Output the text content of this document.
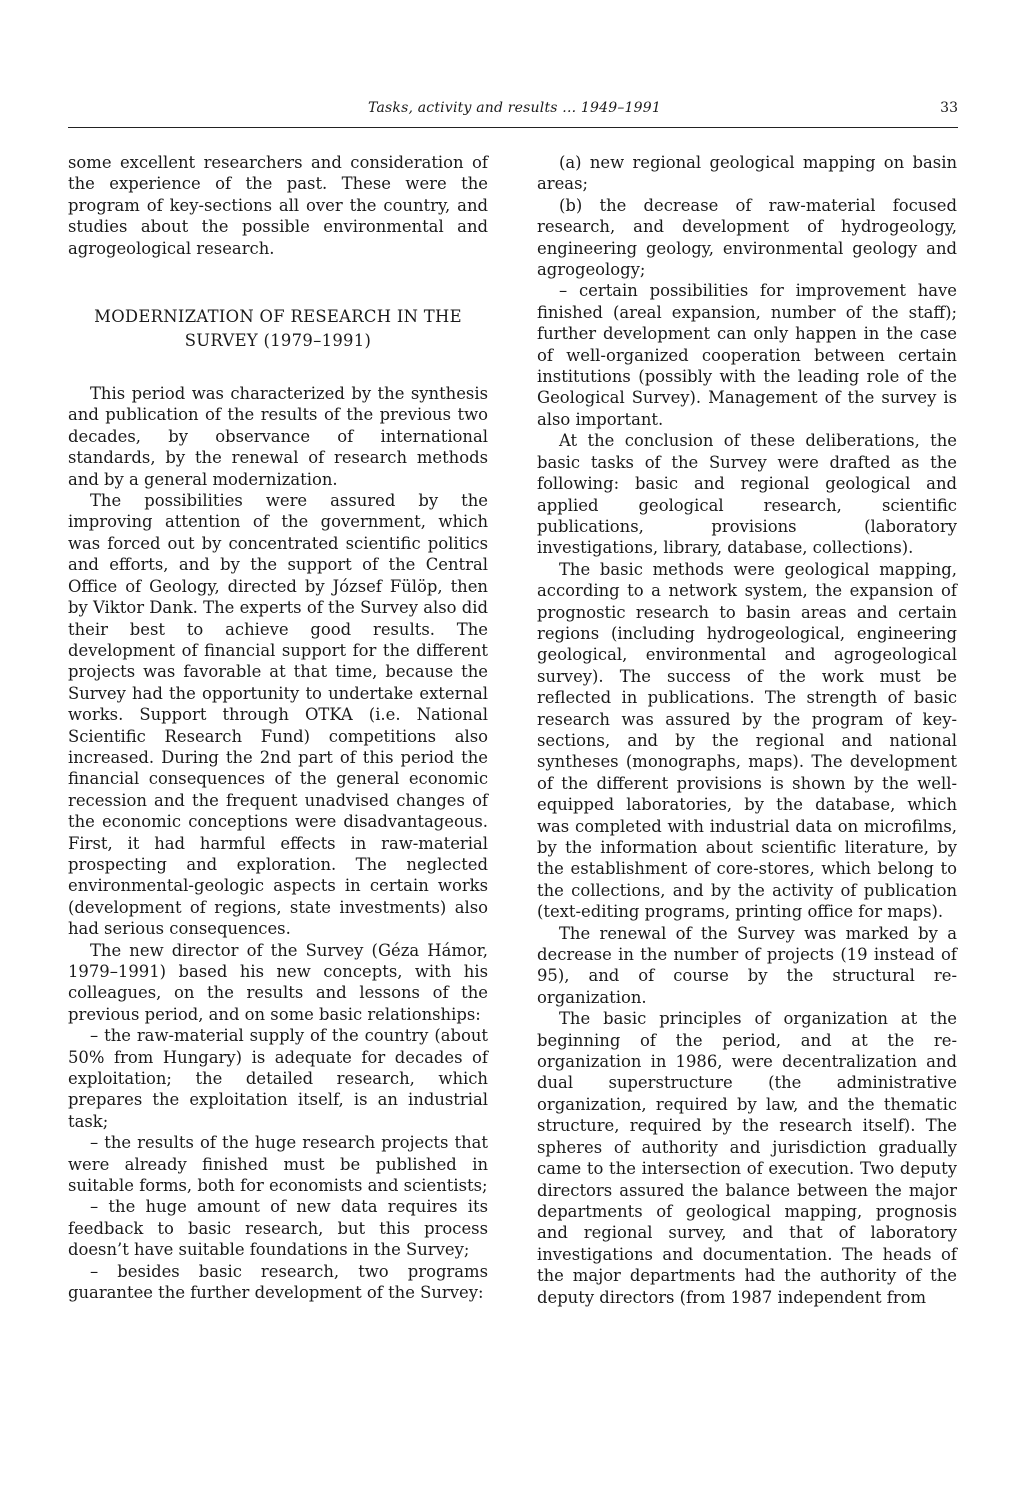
Tasks, activity and results ... 1949–1991	33

some excellent researchers and consideration of the experience of the past. These were the program of key-sections all over the country, and studies about the possible environmental and agrogeological research.

MODERNIZATION OF RESEARCH IN THE
SURVEY (1979–1991)

This period was characterized by the synthesis and publication of the results of the previous two decades, by observance of international standards, by the renewal of research methods and by a general modernization.

The possibilities were assured by the improving attention of the government, which was forced out by concentrated scientific politics and efforts, and by the support of the Central Office of Geology, directed by József Fülöp, then by Viktor Dank. The experts of the Survey also did their best to achieve good results. The development of financial support for the different projects was favorable at that time, because the Survey had the opportunity to undertake external works. Support through OTKA (i.e. National Scientific Research Fund) competitions also increased. During the 2nd part of this period the financial consequences of the general economic recession and the frequent unadvised changes of the economic conceptions were disadvantageous. First, it had harmful effects in raw-material prospecting and exploration. The neglected environmental-geologic aspects in certain works (development of regions, state investments) also had serious consequences.

The new director of the Survey (Géza Hámor, 1979–1991) based his new concepts, with his colleagues, on the results and lessons of the previous period, and on some basic relationships:

– the raw-material supply of the country (about 50% from Hungary) is adequate for decades of exploitation; the detailed research, which prepares the exploitation itself, is an industrial task;

– the results of the huge research projects that were already finished must be published in suitable forms, both for economists and scientists;

– the huge amount of new data requires its feedback to basic research, but this process doesn’t have suitable foundations in the Survey;

– besides basic research, two programs guarantee the further development of the Survey:

(a) new regional geological mapping on basin areas;

(b) the decrease of raw-material focused research, and development of hydrogeology, engineering geology, environmental geology and agrogeology;

– certain possibilities for improvement have finished (areal expansion, number of the staff); further development can only happen in the case of well-organized cooperation between certain institutions (possibly with the leading role of the Geological Survey). Management of the survey is also important.

At the conclusion of these deliberations, the basic tasks of the Survey were drafted as the following: basic and regional geological and applied geological research, scientific publications, provisions (laboratory investigations, library, database, collections).

The basic methods were geological mapping, according to a network system, the expansion of prognostic research to basin areas and certain regions (including hydrogeological, engineering geological, environmental and agrogeological survey). The success of the work must be reflected in publications. The strength of basic research was assured by the program of key-sections, and by the regional and national syntheses (monographs, maps). The development of the different provisions is shown by the well-equipped laboratories, by the database, which was completed with industrial data on microfilms, by the information about scientific literature, by the establishment of core-stores, which belong to the collections, and by the activity of publication (text-editing programs, printing office for maps).

The renewal of the Survey was marked by a decrease in the number of projects (19 instead of 95), and of course by the structural re-organization.

The basic principles of organization at the beginning of the period, and at the re-organization in 1986, were decentralization and dual superstructure (the administrative organization, required by law, and the thematic structure, required by the research itself). The spheres of authority and jurisdiction gradually came to the intersection of execution. Two deputy directors assured the balance between the major departments of geological mapping, prognosis and regional survey, and that of laboratory investigations and documentation. The heads of the major departments had the authority of the deputy directors (from 1987 independent from
